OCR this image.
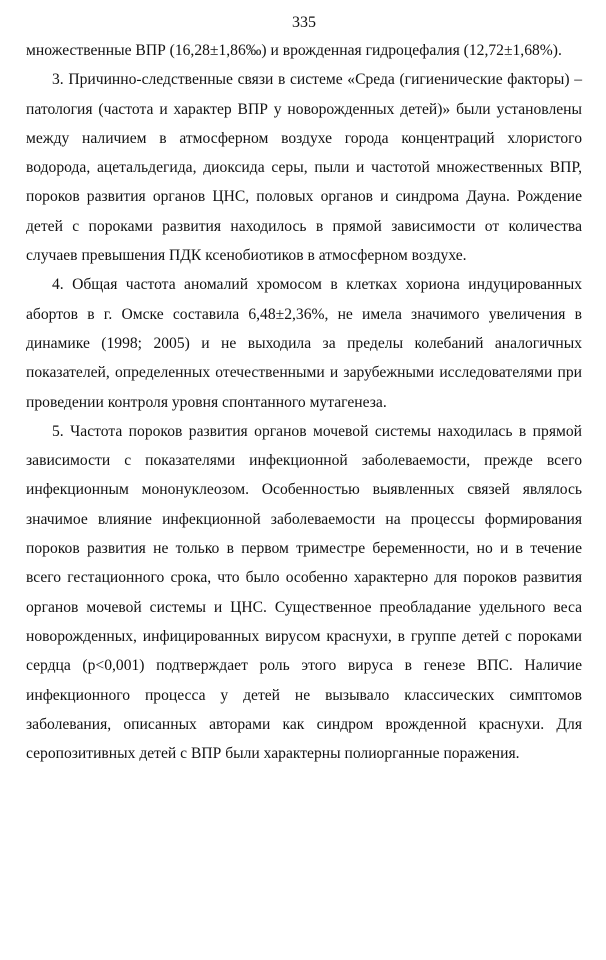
335

множественные ВПР (16,28±1,86‰) и врожденная гидроцефалия (12,72±1,68%).

3. Причинно-следственные связи в системе «Среда (гигиенические факторы) – патология (частота и характер ВПР у новорожденных детей)» были установлены между наличием в атмосферном воздухе города концентраций хлористого водорода, ацетальдегида, диоксида серы, пыли и частотой множественных ВПР, пороков развития органов ЦНС, половых органов и синдрома Дауна. Рождение детей с пороками развития находилось в прямой зависимости от количества случаев превышения ПДК ксенобиотиков в атмосферном воздухе.

4. Общая частота аномалий хромосом в клетках хориона индуцированных абортов в г. Омске составила 6,48±2,36%, не имела значимого увеличения в динамике (1998; 2005) и не выходила за пределы колебаний аналогичных показателей, определенных отечественными и зарубежными исследователями при проведении контроля уровня спонтанного мутагенеза.

5. Частота пороков развития органов мочевой системы находилась в прямой зависимости с показателями инфекционной заболеваемости, прежде всего инфекционным мононуклеозом. Особенностью выявленных связей являлось значимое влияние инфекционной заболеваемости на процессы формирования пороков развития не только в первом триместре беременности, но и в течение всего гестационного срока, что было особенно характерно для пороков развития органов мочевой системы и ЦНС. Существенное преобладание удельного веса новорожденных, инфицированных вирусом краснухи, в группе детей с пороками сердца (p<0,001) подтверждает роль этого вируса в генезе ВПС. Наличие инфекционного процесса у детей не вызывало классических симптомов заболевания, описанных авторами как синдром врожденной краснухи. Для серопозитивных детей с ВПР были характерны полиорганные поражения.
